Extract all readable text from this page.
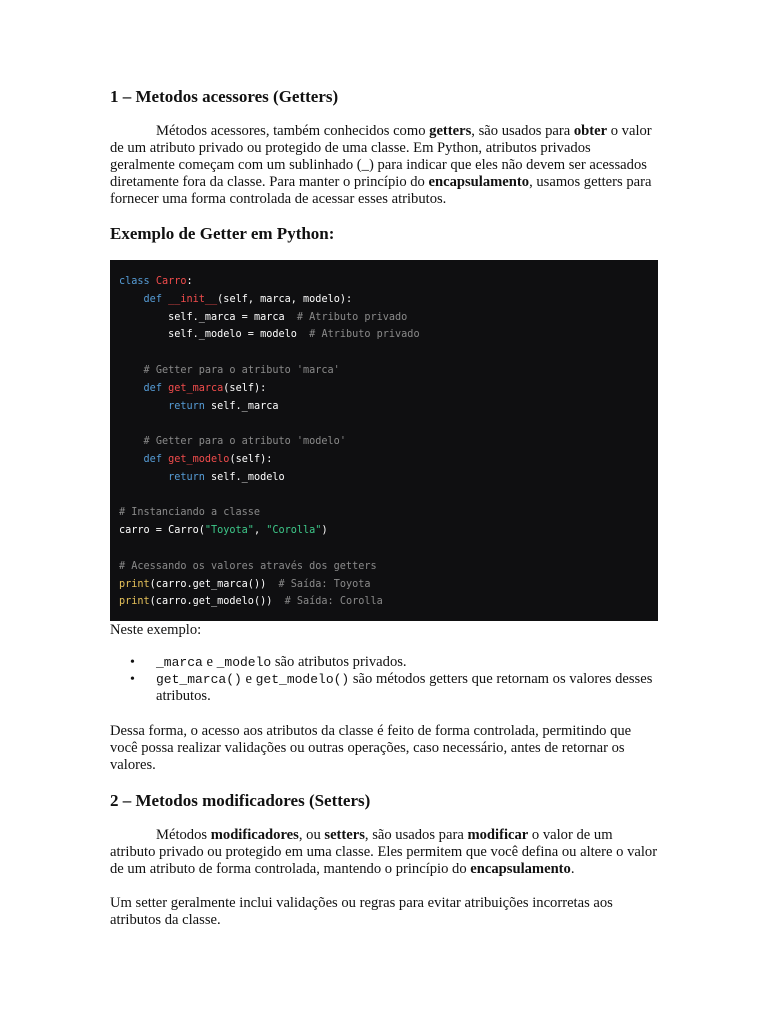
1 – Metodos acessores (Getters)

Métodos acessores, também conhecidos como getters, são usados para obter o valor de um atributo privado ou protegido de uma classe. Em Python, atributos privados geralmente começam com um sublinhado (_) para indicar que eles não devem ser acessados diretamente fora da classe. Para manter o princípio do encapsulamento, usamos getters para fornecer uma forma controlada de acessar esses atributos.

Exemplo de Getter em Python:
class Carro:
def __init__(self, marca, modelo):
self._marca = marca # Atributo privado
self._modelo = modelo # Atributo privado

# Getter para o atributo 'marca'
def get_marca(self):
return self._marca

# Getter para o atributo 'modelo'
def get_modelo(self):
return self._modelo

# Instanciando a classe
carro = Carro("Toyota", "Corolla")

# Acessando os valores através dos getters
print(carro.get_marca()) # Saída: Toyota
print(carro.get_modelo()) # Saída: Corolla

Neste exemplo:

• _marca e _modelo são atributos privados.
• get_marca() e get_modelo() são métodos getters que retornam os valores desses atributos.

Dessa forma, o acesso aos atributos da classe é feito de forma controlada, permitindo que você possa realizar validações ou outras operações, caso necessário, antes de retornar os valores.

2 – Metodos modificadores (Setters)

Métodos modificadores, ou setters, são usados para modificar o valor de um atributo privado ou protegido em uma classe. Eles permitem que você defina ou altere o valor de um atributo de forma controlada, mantendo o princípio do encapsulamento.

Um setter geralmente inclui validações ou regras para evitar atribuições incorretas aos atributos da classe.
